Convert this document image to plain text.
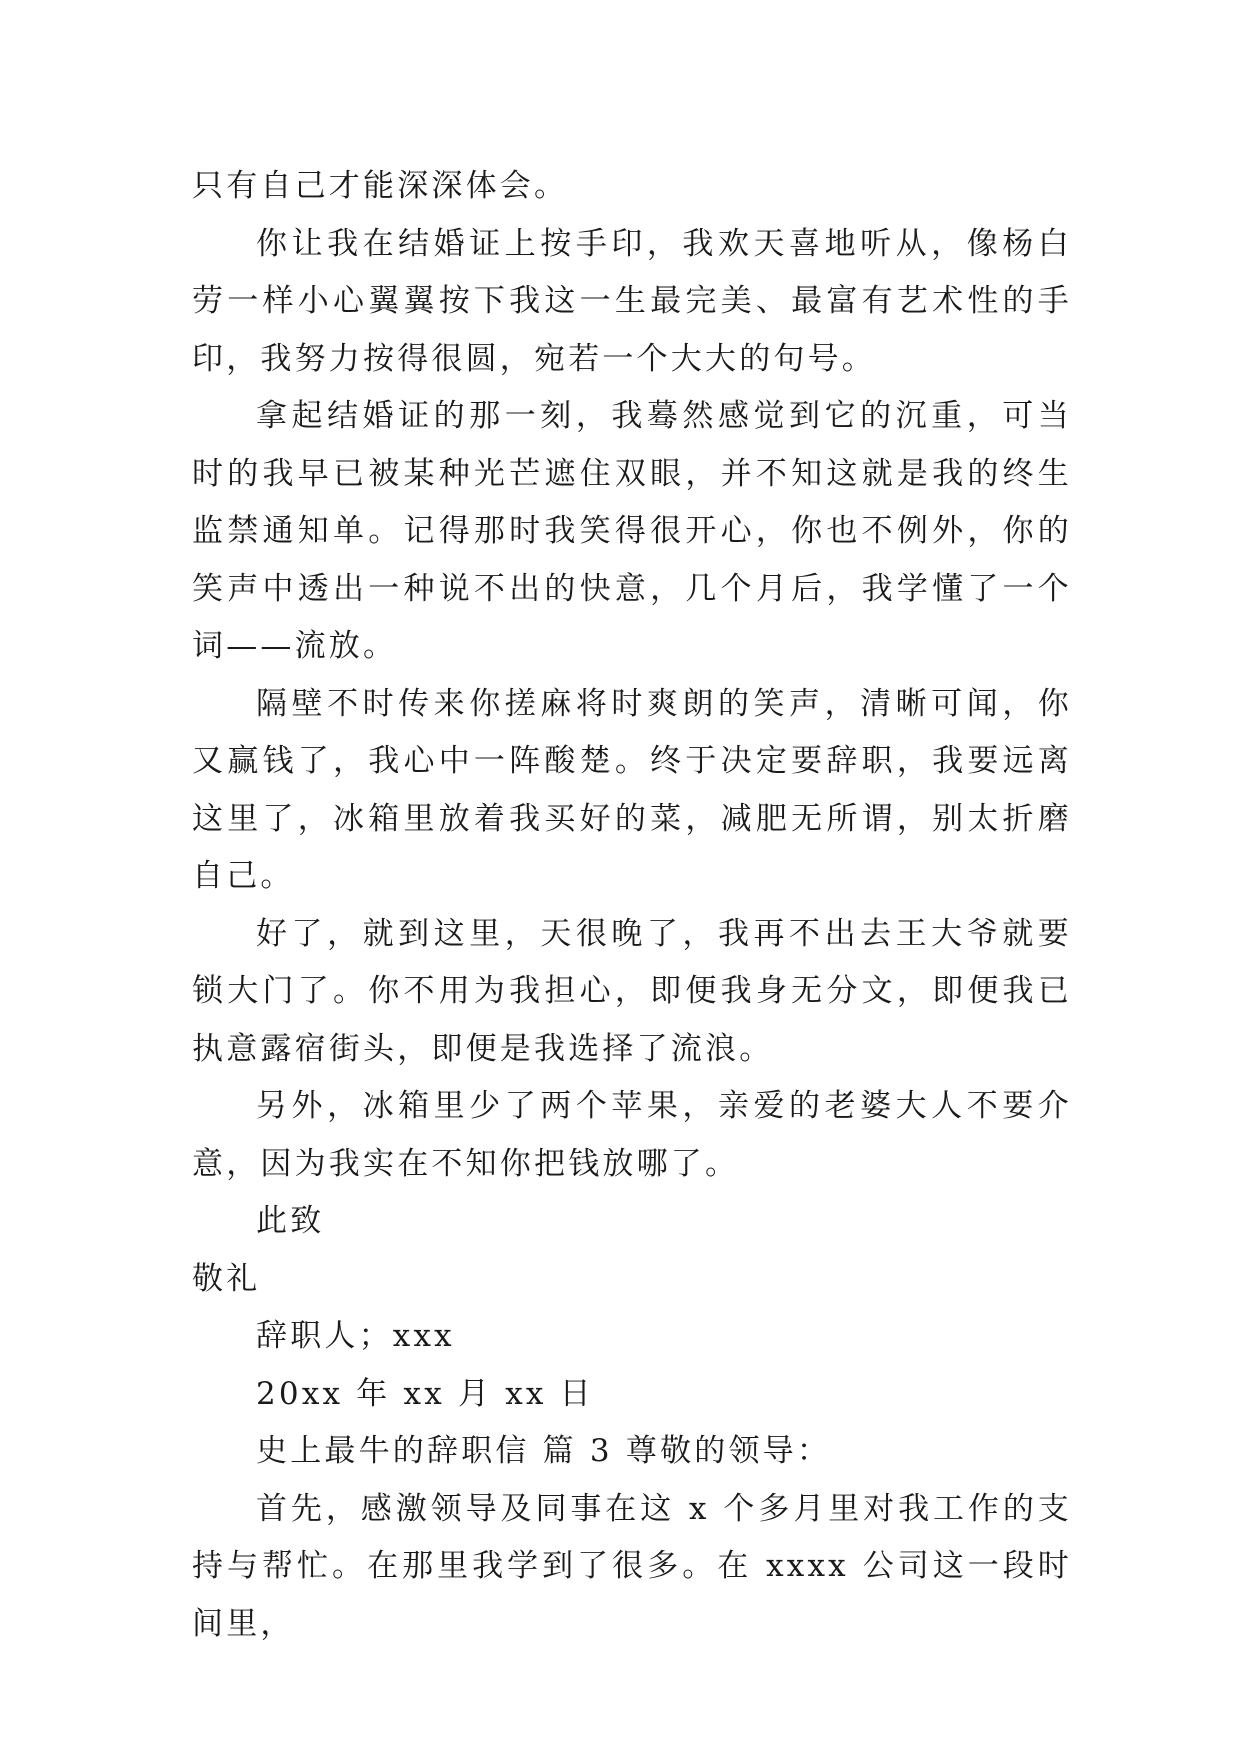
只有自己才能深深体会。

你让我在结婚证上按手印，我欢天喜地听从，像杨白劳一样小心翼翼按下我这一生最完美、最富有艺术性的手印，我努力按得很圆，宛若一个大大的句号。

拿起结婚证的那一刻，我蓦然感觉到它的沉重，可当时的我早已被某种光芒遮住双眼，并不知这就是我的终生监禁通知单。记得那时我笑得很开心，你也不例外，你的笑声中透出一种说不出的快意，几个月后，我学懂了一个词——流放。

隔壁不时传来你搓麻将时爽朗的笑声，清晰可闻，你又赢钱了，我心中一阵酸楚。终于决定要辞职，我要远离这里了，冰箱里放着我买好的菜，减肥无所谓，别太折磨自己。

好了，就到这里，天很晚了，我再不出去王大爷就要锁大门了。你不用为我担心，即便我身无分文，即便我已执意露宿街头，即便是我选择了流浪。

另外，冰箱里少了两个苹果，亲爱的老婆大人不要介意，因为我实在不知你把钱放哪了。

此致

敬礼

辞职人；xxx

20xx 年 xx 月 xx 日

史上最牛的辞职信 篇 3 尊敬的领导：

首先，感激领导及同事在这 x 个多月里对我工作的支持与帮忙。在那里我学到了很多。在 xxxx 公司这一段时间里，
